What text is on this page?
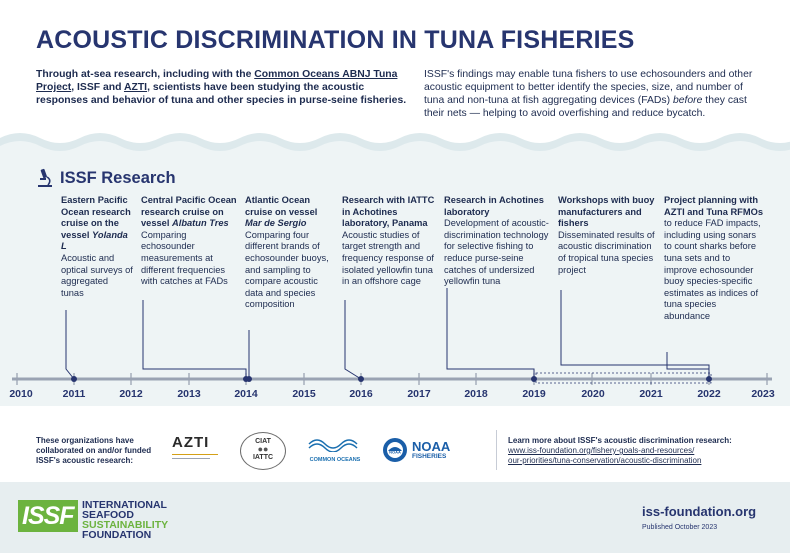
ACOUSTIC DISCRIMINATION IN TUNA FISHERIES
Through at-sea research, including with the Common Oceans ABNJ Tuna Project, ISSF and AZTI, scientists have been studying the acoustic responses and behavior of tuna and other species in purse-seine fisheries.
ISSF's findings may enable tuna fishers to use echosounders and other acoustic equipment to better identify the species, size, and number of tuna and non-tuna at fish aggregating devices (FADs) before they cast their nets — helping to avoid overfishing and reduce bycatch.
ISSF Research
Eastern Pacific Ocean research cruise on the vessel Yolanda L
Acoustic and optical surveys of aggregated tunas
Central Pacific Ocean research cruise on vessel Albatun Tres
Comparing echosounder measurements at different frequencies with catches at FADs
Atlantic Ocean cruise on vessel Mar de Sergio
Comparing four different brands of echosounder buoys, and sampling to compare acoustic data and species composition
Research with IATTC in Achotines laboratory, Panama
Acoustic studies of target strength and frequency response of isolated yellowfin tuna in an offshore cage
Research in Achotines laboratory
Development of acoustic-discrimination technology for selective fishing to reduce purse-seine catches of undersized yellowfin tuna
Workshops with buoy manufacturers and fishers
Disseminated results of acoustic discrimination of tropical tuna species project
Project planning with AZTI and Tuna RFMOs to reduce FAD impacts, including using sonars to count sharks before tuna sets and to improve echosounder buoy species-specific estimates as indices of tuna species abundance
2010	2011	2012	2013	2014	2015	2016	2017	2018	2019	2020	2021	2022	2023
These organizations have collaborated on and/or funded ISSF's acoustic research:
AZTI	CIAT
●●
IATTC	COMMON OCEANS
NOAA NOAA
FISHERIES
Learn more about ISSF's acoustic discrimination research:
www.iss-foundation.org/fishery-goals-and-resources/
our-priorities/tuna-conservation/acoustic-discrimination
ISSF INTERNATIONAL
SEAFOOD
SUSTAINABILITY
FOUNDATION
iss-foundation.org
Published October 2023
